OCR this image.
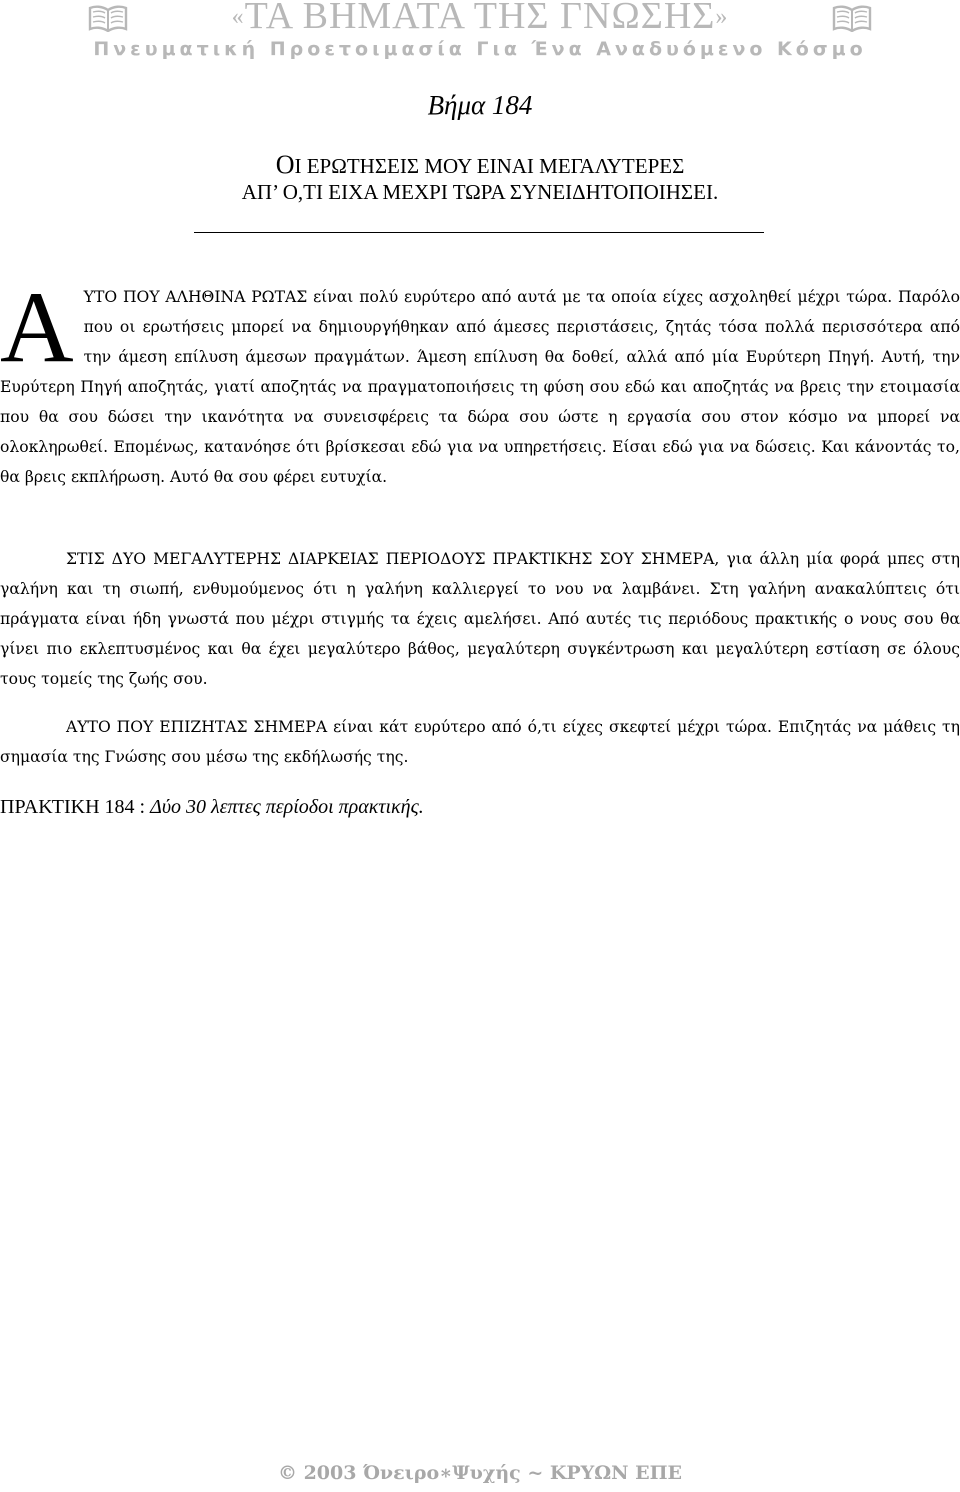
«ΤΑ ΒΗΜΑΤΑ ΤΗΣ ΓΝΩΣΗΣ»
Πνευματική Προετοιμασία Για Ένα Αναδυόμενο Κόσμο
Βήμα 184
ΟΙ ΕΡΩΤΗΣΕΙΣ ΜΟΥ ΕΙΝΑΙ ΜΕΓΑΛΥΤΕΡΕΣ
ΑΠ’ Ο,ΤΙ ΕΙΧΑ ΜΕΧΡΙ ΤΩΡΑ ΣΥΝΕΙΔΗΤΟΠΟΙΗΣΕΙ.
Α ΥΤΟ ΠΟΥ ΑΛΗΘΙΝΑ ΡΩΤΑΣ είναι πολύ ευρύτερο από αυτά με τα οποία είχες ασχοληθεί μέχρι τώρα. Παρόλο που οι ερωτήσεις μπορεί να δημιουργήθηκαν από άμεσες περιστάσεις, ζητάς τόσα πολλά περισσότερα από την άμεση επίλυση άμεσων πραγμάτων. Άμεση επίλυση θα δοθεί, αλλά από μία Ευρύτερη Πηγή. Αυτή, την Ευρύτερη Πηγή αποζητάς, γιατί αποζητάς να πραγματοποιήσεις τη φύση σου εδώ και αποζητάς να βρεις την ετοιμασία που θα σου δώσει την ικανότητα να συνεισφέρεις τα δώρα σου ώστε η εργασία σου στον κόσμο να μπορεί να ολοκληρωθεί. Επομένως, κατανόησε ότι βρίσκεσαι εδώ για να υπηρετήσεις. Είσαι εδώ για να δώσεις. Και κάνοντάς το, θα βρεις εκπλήρωση. Αυτό θα σου φέρει ευτυχία.

ΣΤΙΣ ΔΥΟ ΜΕΓΑΛΥΤΕΡΗΣ ΔΙΑΡΚΕΙΑΣ ΠΕΡΙΟΔΟΥΣ ΠΡΑΚΤΙΚΗΣ ΣΟΥ ΣΗΜΕΡΑ, για άλλη μία φορά μπες στη γαλήνη και τη σιωπή, ενθυμούμενος ότι η γαλήνη καλλιεργεί το νου να λαμβάνει. Στη γαλήνη ανακαλύπτεις ότι πράγματα είναι ήδη γνωστά που μέχρι στιγμής τα έχεις αμελήσει. Από αυτές τις περιόδους πρακτικής ο νους σου θα γίνει πιο εκλεπτυσμένος και θα έχει μεγαλύτερο βάθος, μεγαλύτερη συγκέντρωση και μεγαλύτερη εστίαση σε όλους τους τομείς της ζωής σου.

ΑΥΤΟ ΠΟΥ ΕΠΙΖΗΤΑΣ ΣΗΜΕΡΑ είναι κάτ ευρύτερο από ό,τι είχες σκεφτεί μέχρι τώρα. Επιζητάς να μάθεις τη σημασία της Γνώσης σου μέσω της εκδήλωσής της.

ΠΡΑΚΤΙΚΗ 184 : Δύο 30 λεπτες περίοδοι πρακτικής.
© 2003 Όνειρο∗Ψυχής ~ ΚΡΥΩΝ ΕΠΕ
